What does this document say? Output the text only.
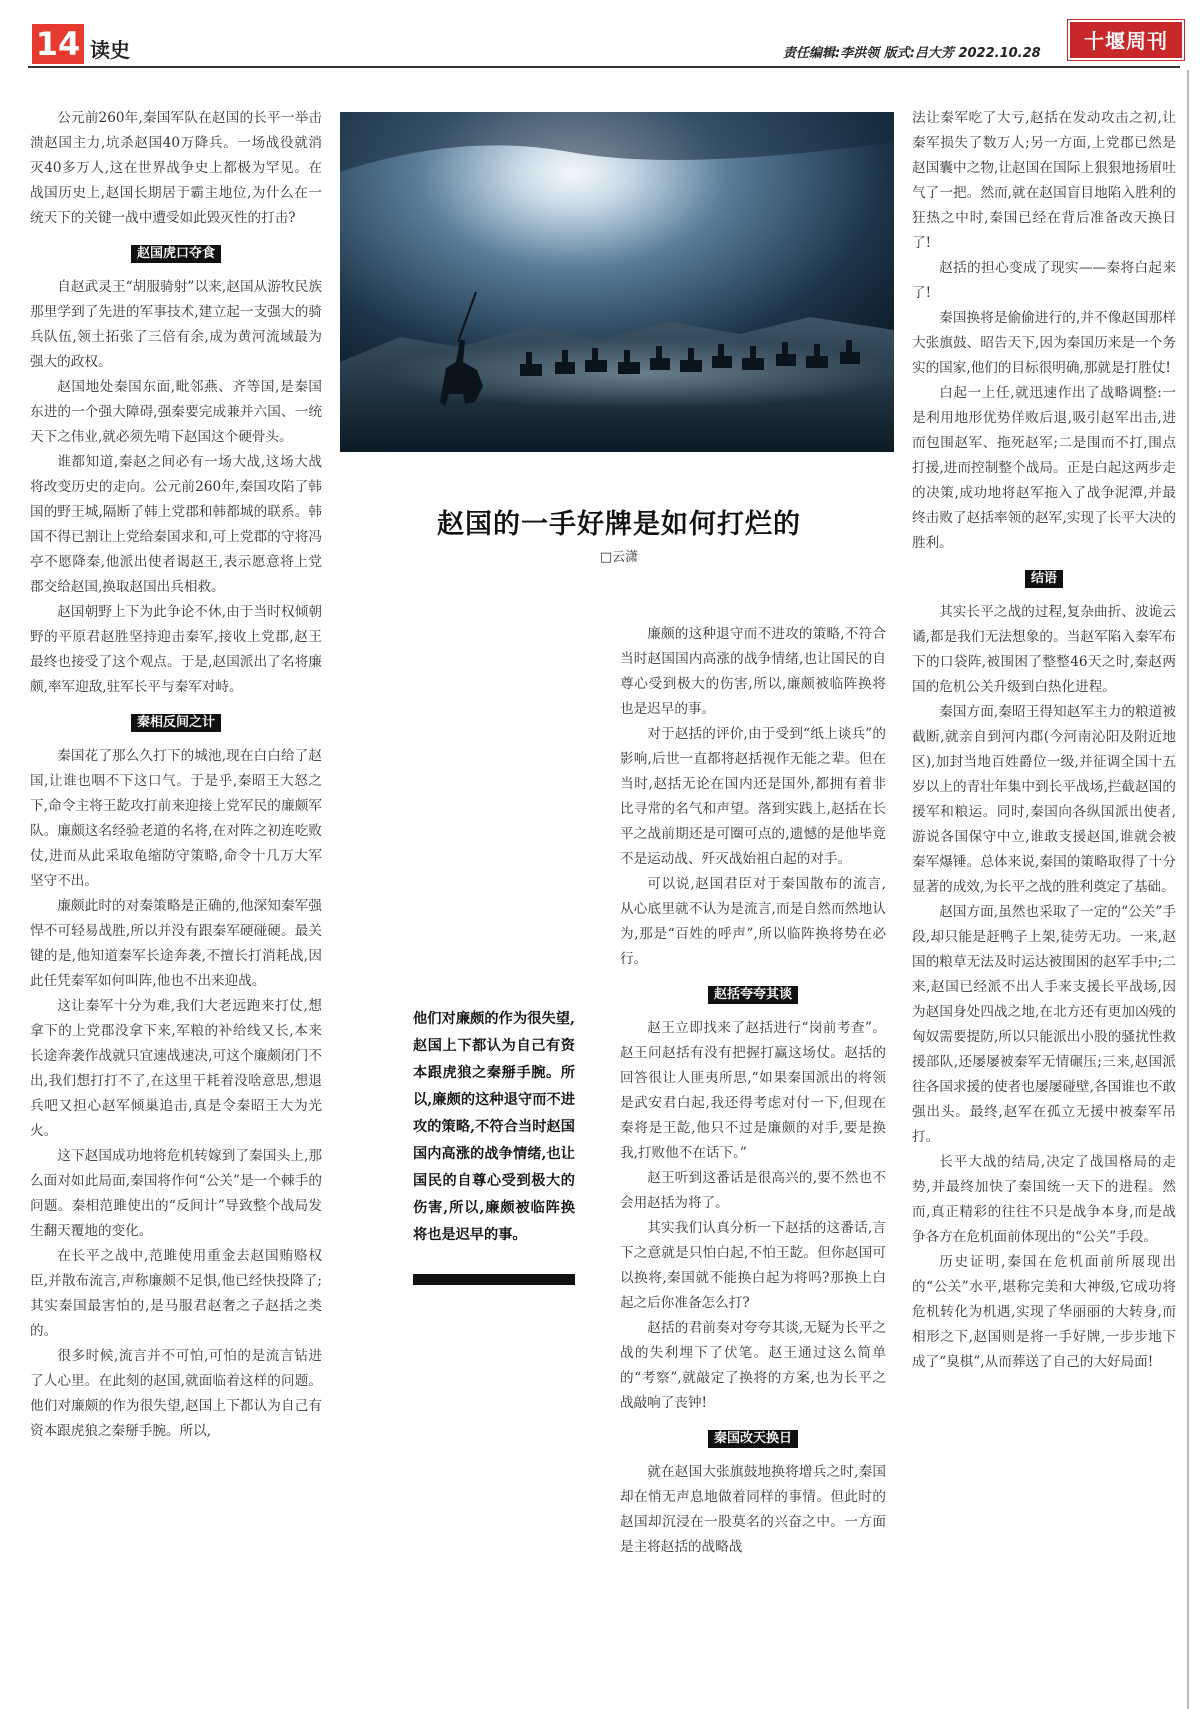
14 读史	责任编辑:李洪领 版式:吕大芳 2022.10.28
十堰周刊

公元前260年,秦国军队在赵国的长平一举击溃赵国主力,坑杀赵国40万降兵。一场战役就消灭40多万人,这在世界战争史上都极为罕见。在战国历史上,赵国长期居于霸主地位,为什么在一统天下的关键一战中遭受如此毁灭性的打击?

赵国虎口夺食

自赵武灵王“胡服骑射”以来,赵国从游牧民族那里学到了先进的军事技术,建立起一支强大的骑兵队伍,领土拓张了三倍有余,成为黄河流域最为强大的政权。

赵国地处秦国东面,毗邻燕、齐等国,是秦国东进的一个强大障碍,强秦要完成兼并六国、一统天下之伟业,就必须先啃下赵国这个硬骨头。

谁都知道,秦赵之间必有一场大战,这场大战将改变历史的走向。公元前260年,秦国攻陷了韩国的野王城,隔断了韩上党郡和韩都城的联系。韩国不得已割让上党给秦国求和,可上党郡的守将冯亭不愿降秦,他派出使者谒赵王,表示愿意将上党郡交给赵国,换取赵国出兵相救。

赵国朝野上下为此争论不休,由于当时权倾朝野的平原君赵胜坚持迎击秦军,接收上党郡,赵王最终也接受了这个观点。于是,赵国派出了名将廉颇,率军迎敌,驻军长平与秦军对峙。

秦相反间之计

秦国花了那么久打下的城池,现在白白给了赵国,让谁也咽不下这口气。于是乎,秦昭王大怒之下,命令主将王龁攻打前来迎接上党军民的廉颇军队。廉颇这名经验老道的名将,在对阵之初连吃败仗,进而从此采取龟缩防守策略,命令十几万大军坚守不出。

廉颇此时的对秦策略是正确的,他深知秦军强悍不可轻易战胜,所以并没有跟秦军硬碰硬。最关键的是,他知道秦军长途奔袭,不擅长打消耗战,因此任凭秦军如何叫阵,他也不出来迎战。

这让秦军十分为难,我们大老远跑来打仗,想拿下的上党郡没拿下来,军粮的补给线又长,本来长途奔袭作战就只宜速战速决,可这个廉颇闭门不出,我们想打打不了,在这里干耗着没啥意思,想退兵吧又担心赵军倾巢追击,真是令秦昭王大为光火。

这下赵国成功地将危机转嫁到了秦国头上,那么面对如此局面,秦国将作何“公关”是一个棘手的问题。秦相范雎使出的“反间计”导致整个战局发生翻天覆地的变化。

在长平之战中,范雎使用重金去赵国贿赂权臣,并散布流言,声称廉颇不足惧,他已经快投降了;其实秦国最害怕的,是马服君赵奢之子赵括之类的。

很多时候,流言并不可怕,可怕的是流言钻进了人心里。在此刻的赵国,就面临着这样的问题。他们对廉颇的作为很失望,赵国上下都认为自己有资本跟虎狼之秦掰手腕。所以,

赵国的一手好牌是如何打烂的
□云潇
他们对廉颇的作为很失望,赵国上下都认为自己有资本跟虎狼之秦掰手腕。所以,廉颇的这种退守而不进攻的策略,不符合当时赵国国内高涨的战争情绪,也让国民的自尊心受到极大的伤害,所以,廉颇被临阵换将也是迟早的事。

廉颇的这种退守而不进攻的策略,不符合当时赵国国内高涨的战争情绪,也让国民的自尊心受到极大的伤害,所以,廉颇被临阵换将也是迟早的事。

对于赵括的评价,由于受到“纸上谈兵”的影响,后世一直都将赵括视作无能之辈。但在当时,赵括无论在国内还是国外,都拥有着非比寻常的名气和声望。落到实践上,赵括在长平之战前期还是可圈可点的,遗憾的是他毕竟不是运动战、歼灭战始祖白起的对手。

可以说,赵国君臣对于秦国散布的流言,从心底里就不认为是流言,而是自然而然地认为,那是“百姓的呼声”,所以临阵换将势在必行。

赵括夸夸其谈

赵王立即找来了赵括进行“岗前考查”。赵王问赵括有没有把握打赢这场仗。赵括的回答很让人匪夷所思,“如果秦国派出的将领是武安君白起,我还得考虑对付一下,但现在秦将是王龁,他只不过是廉颇的对手,要是换我,打败他不在话下。”

赵王听到这番话是很高兴的,要不然也不会用赵括为将了。

其实我们认真分析一下赵括的这番话,言下之意就是只怕白起,不怕王龁。但你赵国可以换将,秦国就不能换白起为将吗?那换上白起之后你准备怎么打?

赵括的君前奏对夸夸其谈,无疑为长平之战的失利埋下了伏笔。赵王通过这么简单的“考察”,就敲定了换将的方案,也为长平之战敲响了丧钟!

秦国改天换日

就在赵国大张旗鼓地换将增兵之时,秦国却在悄无声息地做着同样的事情。但此时的赵国却沉浸在一股莫名的兴奋之中。一方面是主将赵括的战略战

法让秦军吃了大亏,赵括在发动攻击之初,让秦军损失了数万人;另一方面,上党郡已然是赵国囊中之物,让赵国在国际上狠狠地扬眉吐气了一把。然而,就在赵国盲目地陷入胜利的狂热之中时,秦国已经在背后准备改天换日了!

赵括的担心变成了现实——秦将白起来了!

秦国换将是偷偷进行的,并不像赵国那样大张旗鼓、昭告天下,因为秦国历来是一个务实的国家,他们的目标很明确,那就是打胜仗!

白起一上任,就迅速作出了战略调整:一是利用地形优势佯败后退,吸引赵军出击,进而包围赵军、拖死赵军;二是围而不打,围点打援,进而控制整个战局。正是白起这两步走的决策,成功地将赵军拖入了战争泥潭,并最终击败了赵括率领的赵军,实现了长平大决的胜利。

结语

其实长平之战的过程,复杂曲折、波诡云谲,都是我们无法想象的。当赵军陷入秦军布下的口袋阵,被围困了整整46天之时,秦赵两国的危机公关升级到白热化进程。

秦国方面,秦昭王得知赵军主力的粮道被截断,就亲自到河内郡(今河南沁阳及附近地区),加封当地百姓爵位一级,并征调全国十五岁以上的青壮年集中到长平战场,拦截赵国的援军和粮运。同时,秦国向各纵国派出使者,游说各国保守中立,谁敢支援赵国,谁就会被秦军爆锤。总体来说,秦国的策略取得了十分显著的成效,为长平之战的胜利奠定了基础。

赵国方面,虽然也采取了一定的“公关”手段,却只能是赶鸭子上架,徒劳无功。一来,赵国的粮草无法及时运达被围困的赵军手中;二来,赵国已经派不出人手来支援长平战场,因为赵国身处四战之地,在北方还有更加凶残的匈奴需要提防,所以只能派出小股的骚扰性救援部队,还屡屡被秦军无情碾压;三来,赵国派往各国求援的使者也屡屡碰壁,各国谁也不敢强出头。最终,赵军在孤立无援中被秦军吊打。

长平大战的结局,决定了战国格局的走势,并最终加快了秦国统一天下的进程。然而,真正精彩的往往不只是战争本身,而是战争各方在危机面前体现出的“公关”手段。

历史证明,秦国在危机面前所展现出的“公关”水平,堪称完美和大神级,它成功将危机转化为机遇,实现了华丽丽的大转身,而相形之下,赵国则是将一手好牌,一步步地下成了“臭棋”,从而葬送了自己的大好局面!
